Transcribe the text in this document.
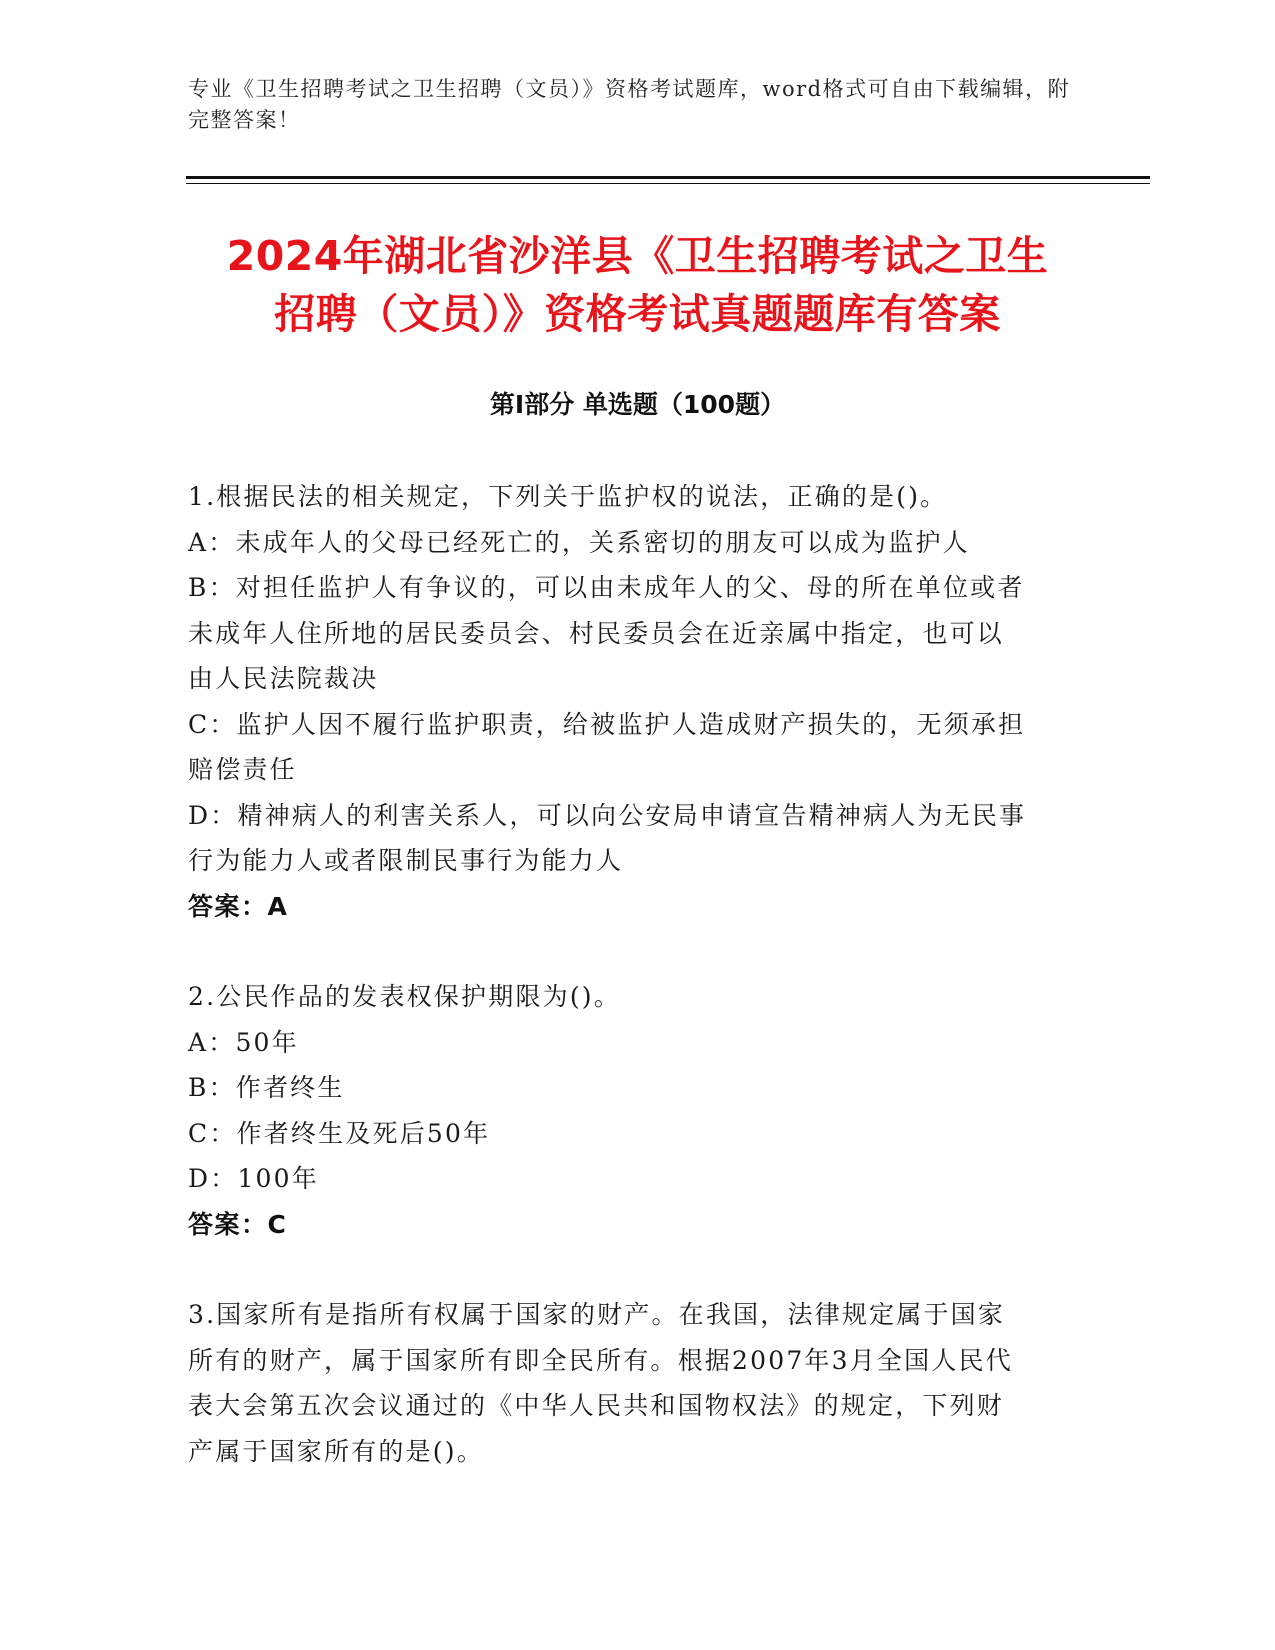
专业《卫生招聘考试之卫生招聘（文员）》资格考试题库，word格式可自由下载编辑，附完整答案！
2024年湖北省沙洋县《卫生招聘考试之卫生
招聘（文员）》资格考试真题题库有答案
第Ⅰ部分 单选题（100题）
1.根据民法的相关规定，下列关于监护权的说法，正确的是()。
A：未成年人的父母已经死亡的，关系密切的朋友可以成为监护人
B：对担任监护人有争议的，可以由未成年人的父、母的所在单位或者
未成年人住所地的居民委员会、村民委员会在近亲属中指定，也可以
由人民法院裁决
C：监护人因不履行监护职责，给被监护人造成财产损失的，无须承担
赔偿责任
D：精神病人的利害关系人，可以向公安局申请宣告精神病人为无民事
行为能力人或者限制民事行为能力人
答案：A
2.公民作品的发表权保护期限为()。
A：50年
B：作者终生
C：作者终生及死后50年
D：100年
答案：C
3.国家所有是指所有权属于国家的财产。在我国，法律规定属于国家
所有的财产，属于国家所有即全民所有。根据2007年3月全国人民代
表大会第五次会议通过的《中华人民共和国物权法》的规定，下列财
产属于国家所有的是()。
